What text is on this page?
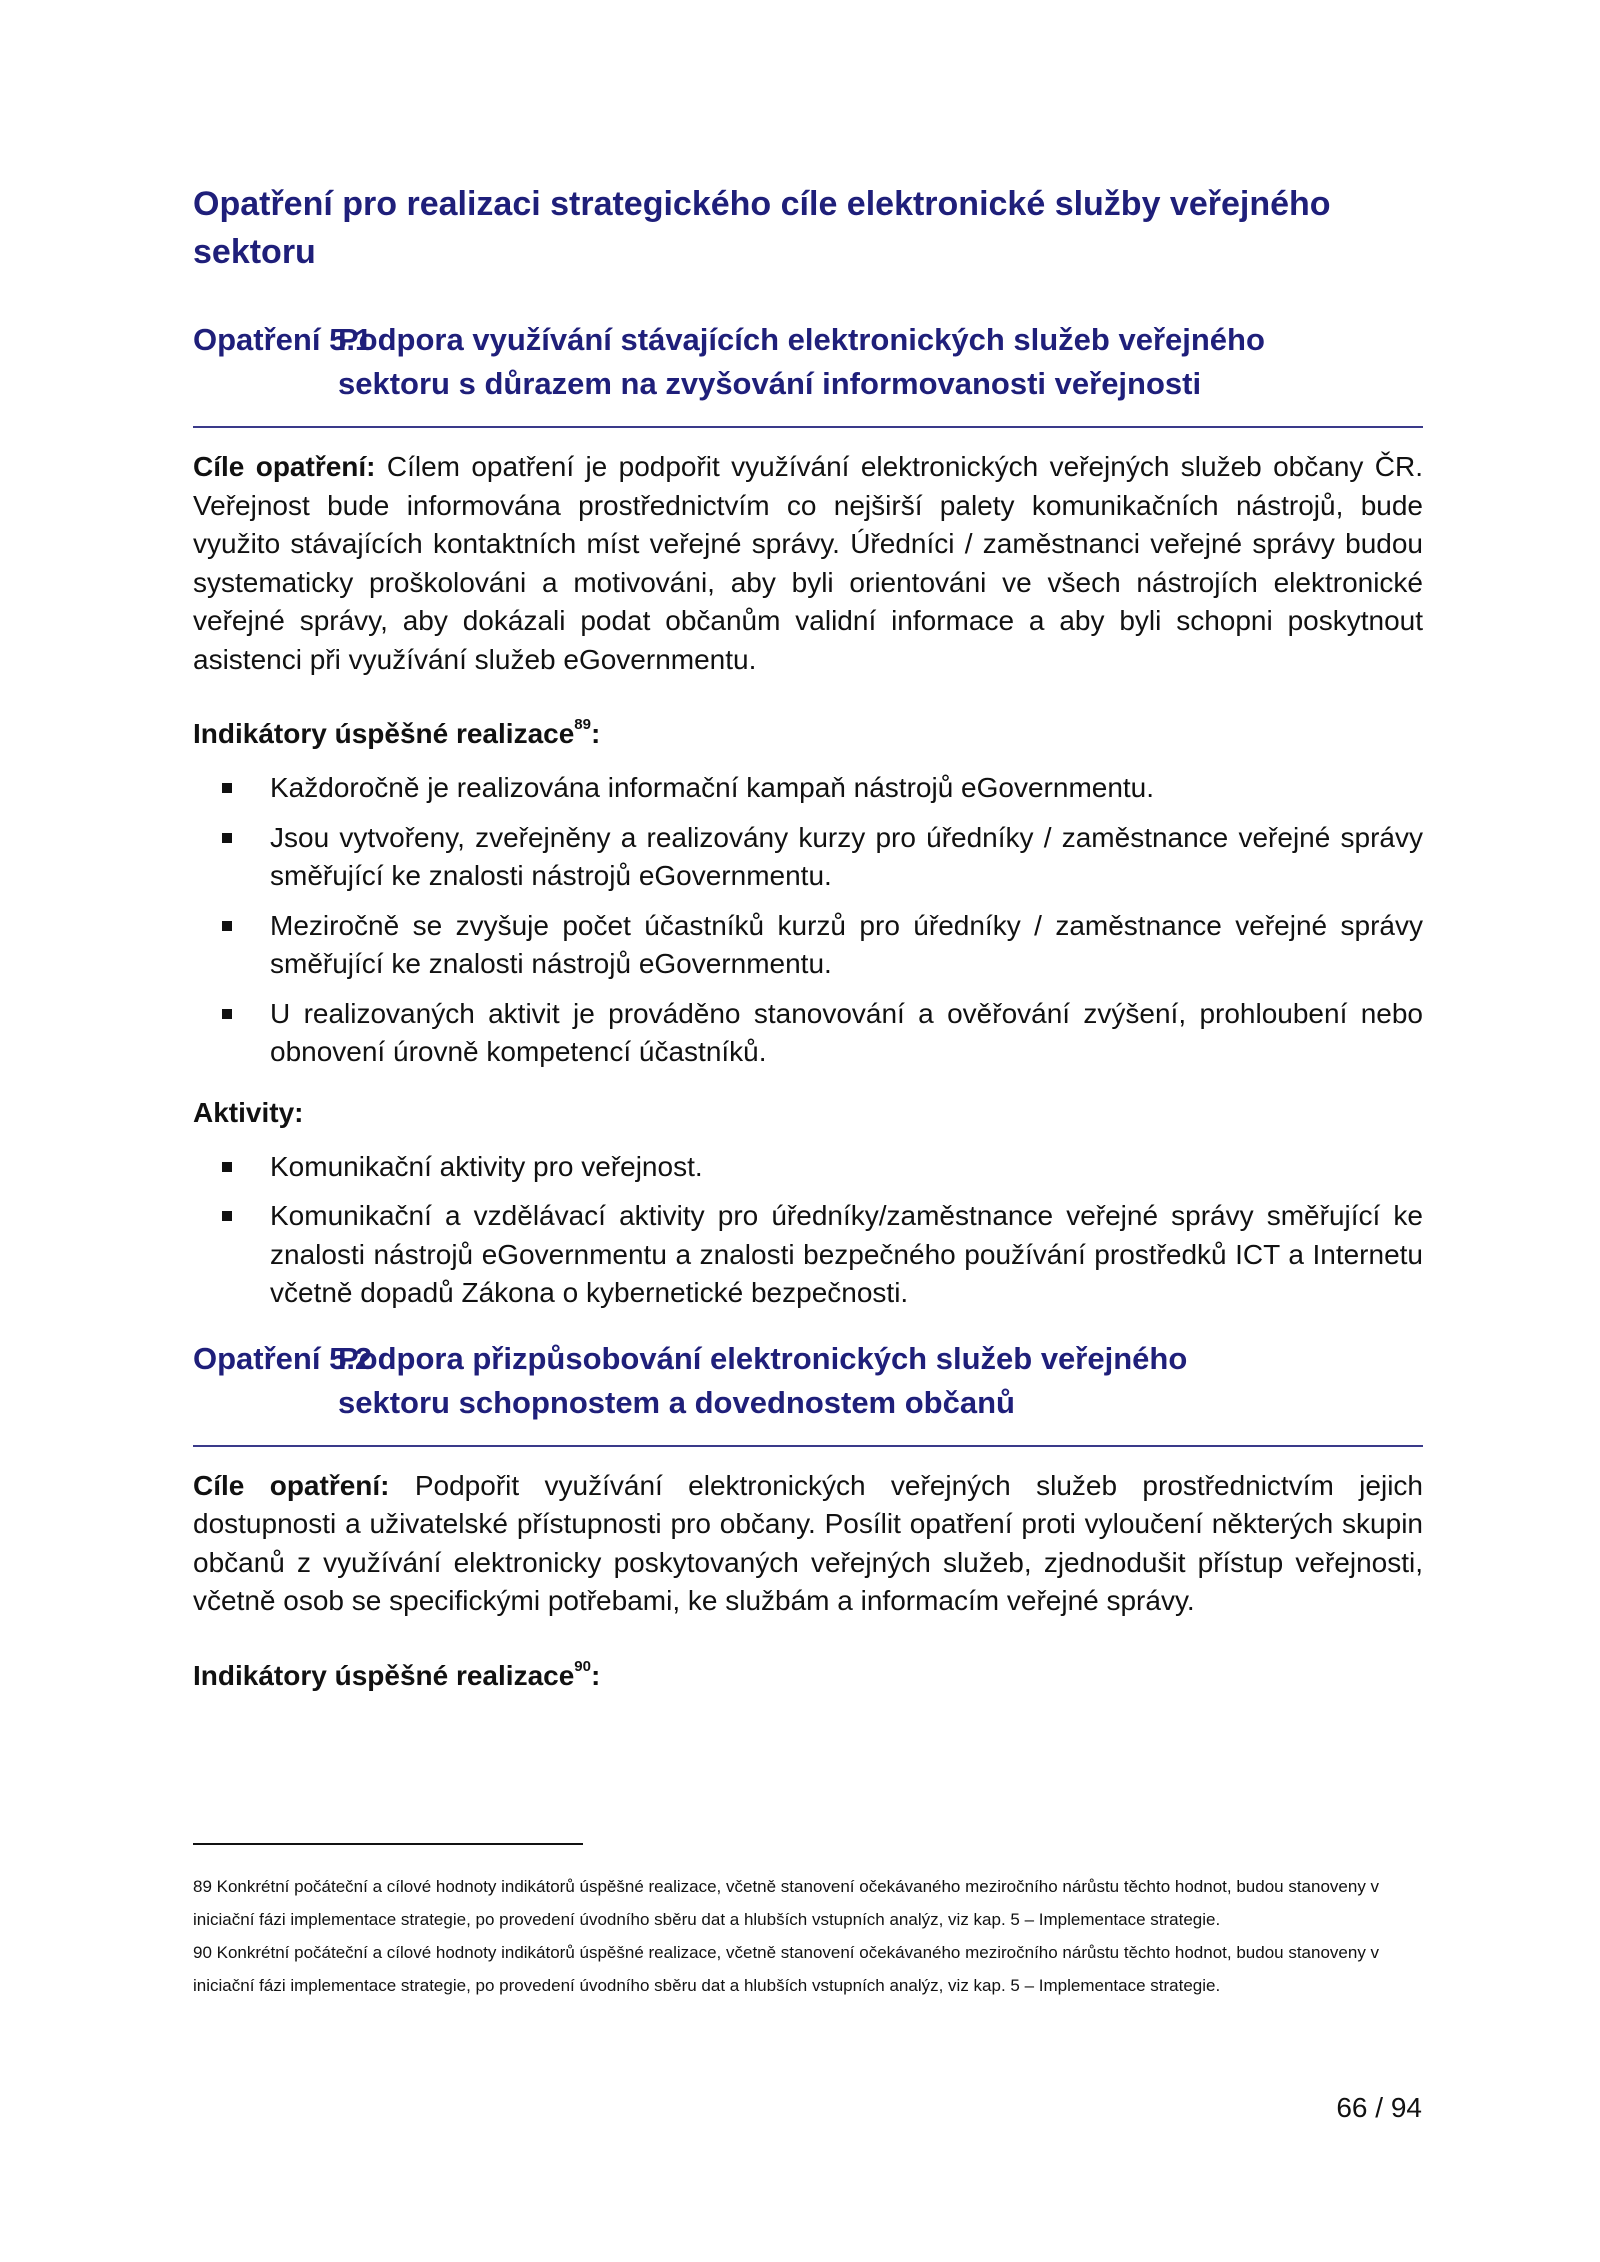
Opatření pro realizaci strategického cíle elektronické služby veřejného sektoru
Opatření 5.1
Podpora využívání stávajících elektronických služeb veřejného
sektoru s důrazem na zvyšování informovanosti veřejnosti

Cíle opatření: Cílem opatření je podpořit využívání elektronických veřejných služeb občany ČR. Veřejnost bude informována prostřednictvím co nejširší palety komunikačních nástrojů, bude využito stávajících kontaktních míst veřejné správy. Úředníci / zaměstnanci veřejné správy budou systematicky proškolováni a motivováni, aby byli orientováni ve všech nástrojích elektronické veřejné správy, aby dokázali podat občanům validní informace a aby byli schopni poskytnout asistenci při využívání služeb eGovernmentu.

Indikátory úspěšné realizace$^{89}$:
Každoročně je realizována informační kampaň nástrojů eGovernmentu.
Jsou vytvořeny, zveřejněny a realizovány kurzy pro úředníky / zaměstnance veřejné správy směřující ke znalosti nástrojů eGovernmentu.
Meziročně se zvyšuje počet účastníků kurzů pro úředníky / zaměstnance veřejné správy směřující ke znalosti nástrojů eGovernmentu.
U realizovaných aktivit je prováděno stanovování a ověřování zvýšení, prohloubení nebo obnovení úrovně kompetencí účastníků.
Aktivity:
Komunikační aktivity pro veřejnost.
Komunikační a vzdělávací aktivity pro úředníky/zaměstnance veřejné správy směřující ke znalosti nástrojů eGovernmentu a znalosti bezpečného používání prostředků ICT a Internetu včetně dopadů Zákona o kybernetické bezpečnosti.
Opatření 5.2
Podpora přizpůsobování elektronických služeb veřejného
sektoru schopnostem a dovednostem občanů

Cíle opatření: Podpořit využívání elektronických veřejných služeb prostřednictvím jejich dostupnosti a uživatelské přístupnosti pro občany. Posílit opatření proti vyloučení některých skupin občanů z využívání elektronicky poskytovaných veřejných služeb, zjednodušit přístup veřejnosti, včetně osob se specifickými potřebami, ke službám a informacím veřejné správy.

Indikátory úspěšné realizace$^{90}$:

89 Konkrétní počáteční a cílové hodnoty indikátorů úspěšné realizace, včetně stanovení očekávaného meziročního nárůstu těchto hodnot, budou stanoveny v iniciační fázi implementace strategie, po provedení úvodního sběru dat a hlubších vstupních analýz, viz kap. 5 – Implementace strategie.

90 Konkrétní počáteční a cílové hodnoty indikátorů úspěšné realizace, včetně stanovení očekávaného meziročního nárůstu těchto hodnot, budou stanoveny v iniciační fázi implementace strategie, po provedení úvodního sběru dat a hlubších vstupních analýz, viz kap. 5 – Implementace strategie.

66 / 94
